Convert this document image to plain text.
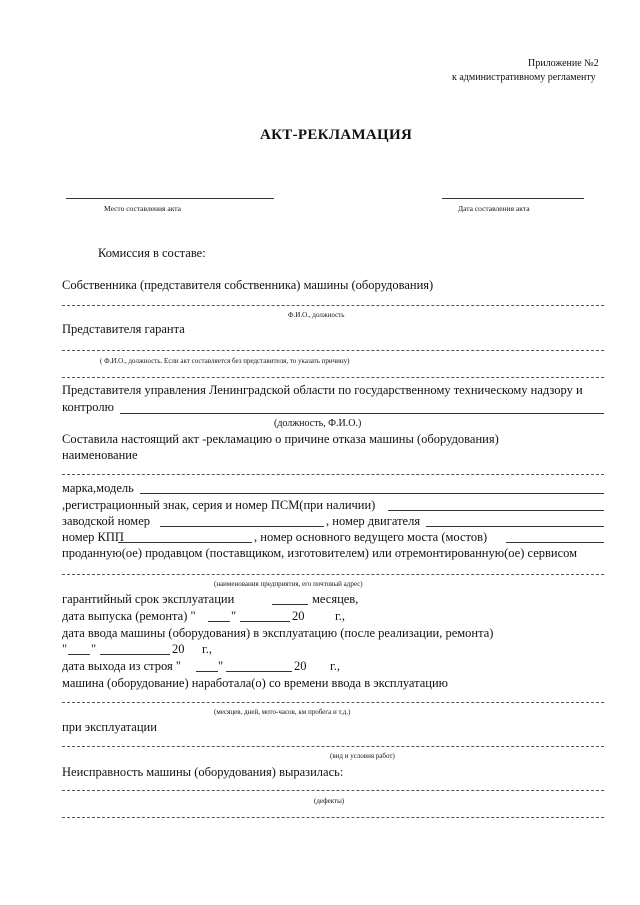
Приложение №2
к административному регламенту
АКТ-РЕКЛАМАЦИЯ
Место составления акта	Дата составления акта
Комиссия в составе:
Собственника (представителя собственника) машины (оборудования)
Ф.И.О., должность
Представителя гаранта
( Ф.И.О., должность. Если акт составляется без представителя, то указать причину)
Представителя управления Ленинградской области по государственному техническому надзору и
контролю
(должность, Ф.И.О.)
Составила настоящий акт -рекламацию о причине отказа машины (оборудования)
наименование
марка,модель
,регистрационный знак, серия и номер ПСМ(при наличии)
заводской номер	, номер двигателя
номер КПП	, номер основного ведущего моста (мостов)
проданную(ое) продавцом (поставщиком, изготовителем) или отремонтированную(ое) сервисом
(наименования предприятия, его почтовый адрес)
гарантийный срок эксплуатации	месяцев,
дата выпуска (ремонта) "	"	20 г.,
дата ввода машины (оборудования) в эксплуатацию (после реализации, ремонта)
" "	20 г.,
дата выхода из строя "	"	20 г.,
машина (оборудование) наработала(о) со времени ввода в эксплуатацию
(месяцев, дней, мото-часов, км пробега и т.д.)
при эксплуатации
(вид и условия работ)
Неисправность машины (оборудования) выразилась:
(дефекты)
